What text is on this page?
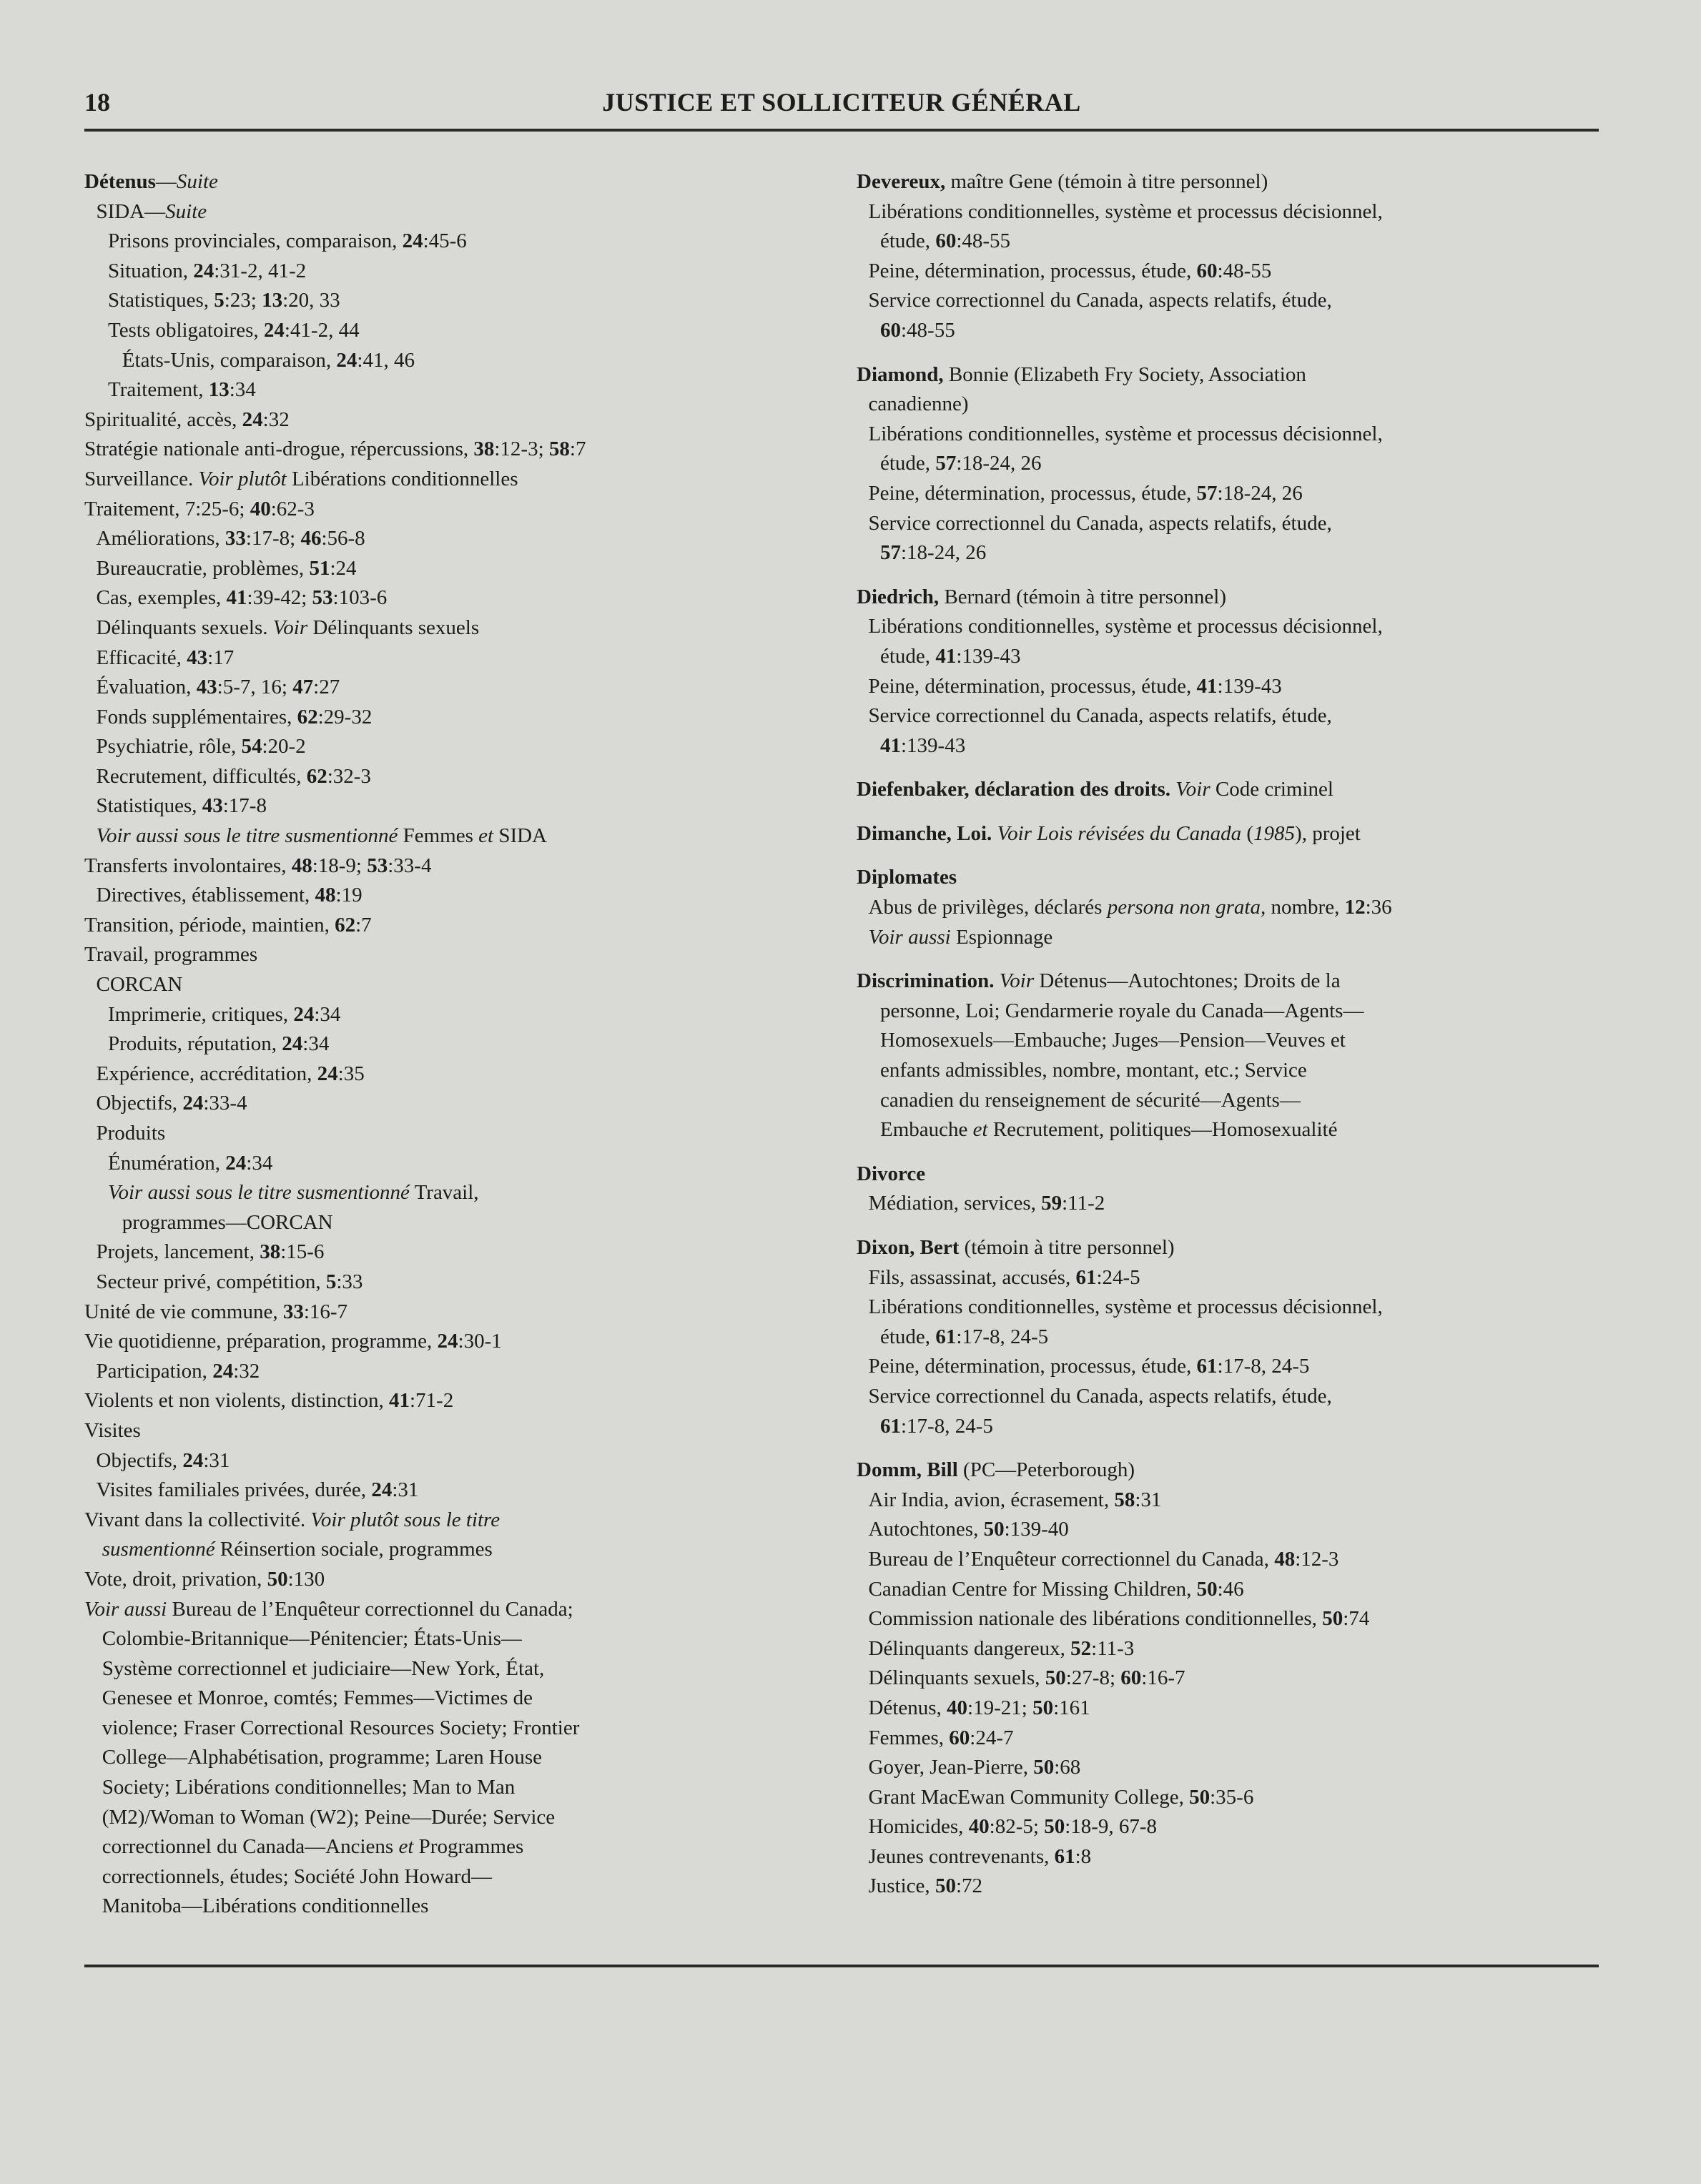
18	JUSTICE ET SOLLICITEUR GÉNÉRAL
Détenus—Suite
SIDA—Suite
Prisons provinciales, comparaison, 24:45-6
Situation, 24:31-2, 41-2
Statistiques, 5:23; 13:20, 33
Tests obligatoires, 24:41-2, 44
États-Unis, comparaison, 24:41, 46
Traitement, 13:34
Spiritualité, accès, 24:32
Stratégie nationale anti-drogue, répercussions, 38:12-3; 58:7
Surveillance. Voir plutôt Libérations conditionnelles
Traitement, 7:25-6; 40:62-3
Améliorations, 33:17-8; 46:56-8
Bureaucratie, problèmes, 51:24
Cas, exemples, 41:39-42; 53:103-6
Délinquants sexuels. Voir Délinquants sexuels
Efficacité, 43:17
Évaluation, 43:5-7, 16; 47:27
Fonds supplémentaires, 62:29-32
Psychiatrie, rôle, 54:20-2
Recrutement, difficultés, 62:32-3
Statistiques, 43:17-8
Voir aussi sous le titre susmentionné Femmes et SIDA
Transferts involontaires, 48:18-9; 53:33-4
Directives, établissement, 48:19
Transition, période, maintien, 62:7
Travail, programmes
CORCAN
Imprimerie, critiques, 24:34
Produits, réputation, 24:34
Expérience, accréditation, 24:35
Objectifs, 24:33-4
Produits
Énumération, 24:34
Voir aussi sous le titre susmentionné Travail,
programmes—CORCAN
Projets, lancement, 38:15-6
Secteur privé, compétition, 5:33
Unité de vie commune, 33:16-7
Vie quotidienne, préparation, programme, 24:30-1
Participation, 24:32
Violents et non violents, distinction, 41:71-2
Visites
Objectifs, 24:31
Visites familiales privées, durée, 24:31
Vivant dans la collectivité. Voir plutôt sous le titre
susmentionné Réinsertion sociale, programmes
Vote, droit, privation, 50:130
Voir aussi Bureau de l’Enquêteur correctionnel du Canada;
Colombie-Britannique—Pénitencier; États-Unis—
Système correctionnel et judiciaire—New York, État,
Genesee et Monroe, comtés; Femmes—Victimes de
violence; Fraser Correctional Resources Society; Frontier
College—Alphabétisation, programme; Laren House
Society; Libérations conditionnelles; Man to Man
(M2)/Woman to Woman (W2); Peine—Durée; Service
correctionnel du Canada—Anciens et Programmes
correctionnels, études; Société John Howard—
Manitoba—Libérations conditionnelles
Devereux, maître Gene (témoin à titre personnel)
Libérations conditionnelles, système et processus décisionnel,
étude, 60:48-55
Peine, détermination, processus, étude, 60:48-55
Service correctionnel du Canada, aspects relatifs, étude,
60:48-55
Diamond, Bonnie (Elizabeth Fry Society, Association
canadienne)
Libérations conditionnelles, système et processus décisionnel,
étude, 57:18-24, 26
Peine, détermination, processus, étude, 57:18-24, 26
Service correctionnel du Canada, aspects relatifs, étude,
57:18-24, 26
Diedrich, Bernard (témoin à titre personnel)
Libérations conditionnelles, système et processus décisionnel,
étude, 41:139-43
Peine, détermination, processus, étude, 41:139-43
Service correctionnel du Canada, aspects relatifs, étude,
41:139-43
Diefenbaker, déclaration des droits. Voir Code criminel
Dimanche, Loi. Voir Lois révisées du Canada (1985), projet
Diplomates
Abus de privilèges, déclarés persona non grata, nombre, 12:36
Voir aussi Espionnage
Discrimination. Voir Détenus—Autochtones; Droits de la
personne, Loi; Gendarmerie royale du Canada—Agents—
Homosexuels—Embauche; Juges—Pension—Veuves et
enfants admissibles, nombre, montant, etc.; Service
canadien du renseignement de sécurité—Agents—
Embauche et Recrutement, politiques—Homosexualité
Divorce
Médiation, services, 59:11-2
Dixon, Bert (témoin à titre personnel)
Fils, assassinat, accusés, 61:24-5
Libérations conditionnelles, système et processus décisionnel,
étude, 61:17-8, 24-5
Peine, détermination, processus, étude, 61:17-8, 24-5
Service correctionnel du Canada, aspects relatifs, étude,
61:17-8, 24-5
Domm, Bill (PC—Peterborough)
Air India, avion, écrasement, 58:31
Autochtones, 50:139-40
Bureau de l’Enquêteur correctionnel du Canada, 48:12-3
Canadian Centre for Missing Children, 50:46
Commission nationale des libérations conditionnelles, 50:74
Délinquants dangereux, 52:11-3
Délinquants sexuels, 50:27-8; 60:16-7
Détenus, 40:19-21; 50:161
Femmes, 60:24-7
Goyer, Jean-Pierre, 50:68
Grant MacEwan Community College, 50:35-6
Homicides, 40:82-5; 50:18-9, 67-8
Jeunes contrevenants, 61:8
Justice, 50:72
